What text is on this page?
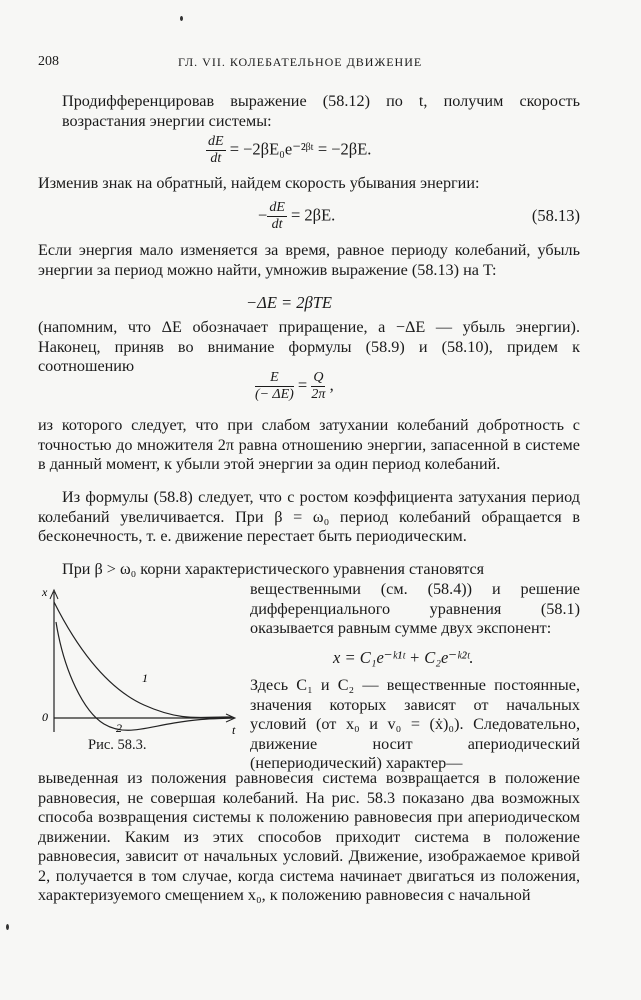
208	ГЛ. VII. КОЛЕБАТЕЛЬНОЕ ДВИЖЕНИЕ

Продифференцировав выражение (58.12) по t, получим скорость возрастания энергии системы:

$\frac{dE}{dt}$ = −2βE₀e⁻²ᵝᵗ = −2βE.

Изменив знак на обратный, найдем скорость убывания энергии:

− $\frac{dE}{dt} = 2\beta E$.	(58.13)

Если энергия мало изменяется за время, равное периоду колебаний, убыль энергии за период можно найти, умножив выражение (58.13) на T:

−ΔE = 2βTE

(напомним, что ΔE обозначает приращение, а −ΔE — убыль энергии). Наконец, приняв во внимание формулы (58.9) и (58.10), придем к соотношению

$\frac{E}{(- \Delta E)} = \frac{Q}{2\pi}$ ,

из которого следует, что при слабом затухании колебаний добротность с точностью до множителя 2π равна отношению энергии, запасенной в системе в данный момент, к убыли этой энергии за один период колебаний.

Из формулы (58.8) следует, что с ростом коэффициента затухания период колебаний увеличивается. При β = ω₀ период колебаний обращается в бесконечность, т. е. движение перестает быть периодическим.

При β > ω₀ корни характеристического уравнения становятся

вещественными (см. (58.4)) и решение дифференциального уравнения (58.1) оказывается равным сумме двух экспонент:

x = C₁e⁻ᵏ¹ᵗ + C₂e⁻ᵏ²ᵗ.

Здесь C₁ и C₂ — вещественные постоянные, значения которых зависят от начальных условий (от x₀ и v₀ = (ẋ)₀). Следовательно, движение носит апериодический (непериодический) характер—

x
0
t
1
2
Рис. 58.3.

выведенная из положения равновесия система возвращается в положение равновесия, не совершая колебаний. На рис. 58.3 показано два возможных способа возвращения системы к положению равновесия при апериодическом движении. Каким из этих способов приходит система в положение равновесия, зависит от начальных условий. Движение, изображаемое кривой 2, получается в том случае, когда система начинает двигаться из положения, характеризуемого смещением x₀, к положению равновесия с начальной
